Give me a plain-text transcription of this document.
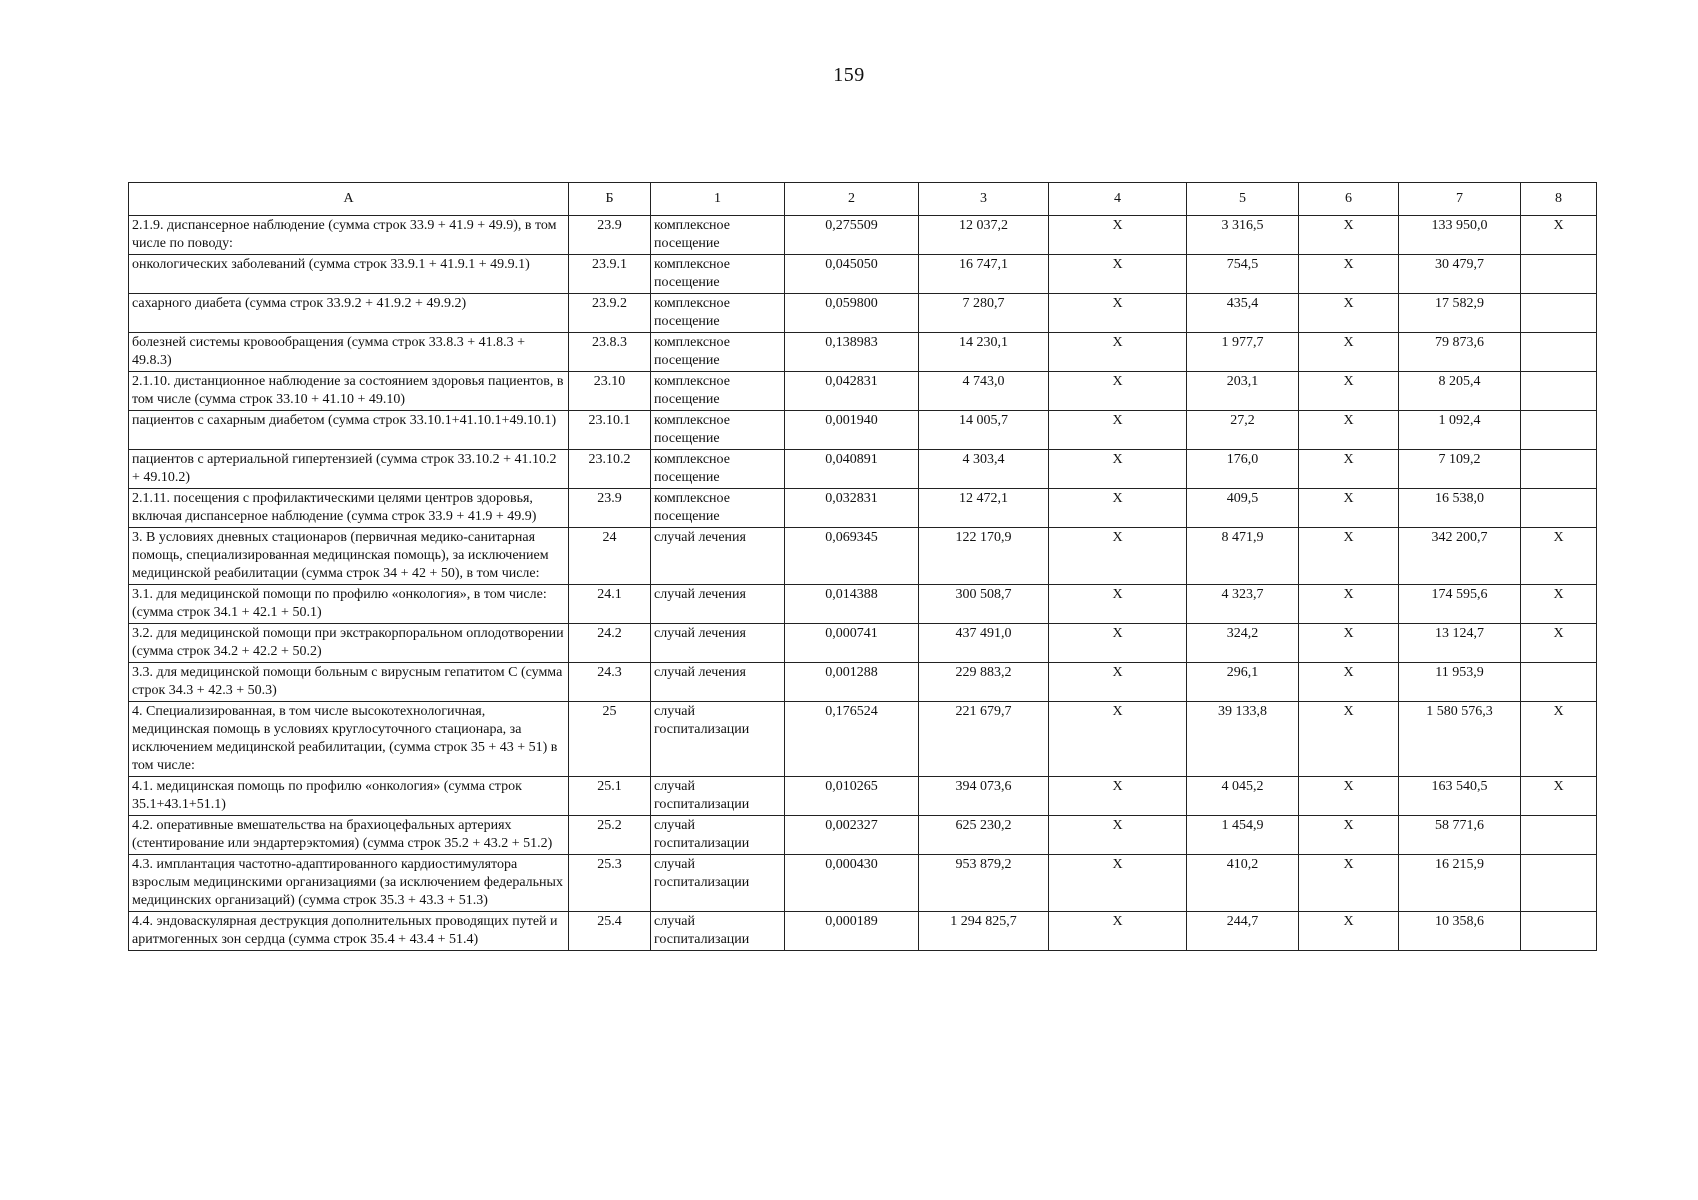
159
А	Б	1	2	3	4	5	6	7	8
2.1.9. диспансерное наблюдение (сумма строк 33.9 + 41.9 + 49.9), в том числе по поводу:	23.9	комплексное посещение	0,275509	12 037,2	X	3 316,5	X	133 950,0	X
онкологических заболеваний (сумма строк 33.9.1 + 41.9.1 + 49.9.1)	23.9.1	комплексное посещение	0,045050	16 747,1	X	754,5	X	30 479,7	
сахарного диабета (сумма строк 33.9.2 + 41.9.2 + 49.9.2)	23.9.2	комплексное посещение	0,059800	7 280,7	X	435,4	X	17 582,9	
болезней системы кровообращения (сумма строк 33.8.3 + 41.8.3 + 49.8.3)	23.8.3	комплексное посещение	0,138983	14 230,1	X	1 977,7	X	79 873,6	
2.1.10. дистанционное наблюдение за состоянием здоровья пациентов, в том числе (сумма строк 33.10 + 41.10 + 49.10)	23.10	комплексное посещение	0,042831	4 743,0	X	203,1	X	8 205,4	
пациентов с сахарным диабетом (сумма строк 33.10.1+41.10.1+49.10.1)	23.10.1	комплексное посещение	0,001940	14 005,7	X	27,2	X	1 092,4	
пациентов с артериальной гипертензией (сумма строк 33.10.2 + 41.10.2 + 49.10.2)	23.10.2	комплексное посещение	0,040891	4 303,4	X	176,0	X	7 109,2	
2.1.11. посещения с профилактическими целями центров здоровья, включая диспансерное наблюдение (сумма строк 33.9 + 41.9 + 49.9)	23.9	комплексное посещение	0,032831	12 472,1	X	409,5	X	16 538,0	
3. В условиях дневных стационаров (первичная медико-санитарная помощь, специализированная медицинская помощь), за исключением медицинской реабилитации (сумма строк 34 + 42 + 50), в том числе:	24	случай лечения	0,069345	122 170,9	X	8 471,9	X	342 200,7	X
3.1. для медицинской помощи по профилю «онкология», в том числе: (сумма строк 34.1 + 42.1 + 50.1)	24.1	случай лечения	0,014388	300 508,7	X	4 323,7	X	174 595,6	X
3.2. для медицинской помощи при экстракорпоральном оплодотворении (сумма строк 34.2 + 42.2 + 50.2)	24.2	случай лечения	0,000741	437 491,0	X	324,2	X	13 124,7	X
3.3. для медицинской помощи больным с вирусным гепатитом С (сумма строк 34.3 + 42.3 + 50.3)	24.3	случай лечения	0,001288	229 883,2	X	296,1	X	11 953,9	
4. Специализированная, в том числе высокотехнологичная, медицинская помощь в условиях круглосуточного стационара, за исключением медицинской реабилитации, (сумма строк 35 + 43 + 51) в том числе:	25	случай госпитализации	0,176524	221 679,7	X	39 133,8	X	1 580 576,3	X
4.1. медицинская помощь по профилю «онкология» (сумма строк 35.1+43.1+51.1)	25.1	случай госпитализации	0,010265	394 073,6	X	4 045,2	X	163 540,5	X
4.2. оперативные вмешательства на брахиоцефальных артериях (стентирование или эндартерэктомия) (сумма строк 35.2 + 43.2 + 51.2)	25.2	случай госпитализации	0,002327	625 230,2	X	1 454,9	X	58 771,6	
4.3. имплантация частотно-адаптированного кардиостимулятора взрослым медицинскими организациями (за исключением федеральных медицинских организаций) (сумма строк 35.3 + 43.3 + 51.3)	25.3	случай госпитализации	0,000430	953 879,2	X	410,2	X	16 215,9	
4.4. эндоваскулярная деструкция дополнительных проводящих путей и аритмогенных зон сердца (сумма строк 35.4 + 43.4 + 51.4)	25.4	случай госпитализации	0,000189	1 294 825,7	X	244,7	X	10 358,6	
